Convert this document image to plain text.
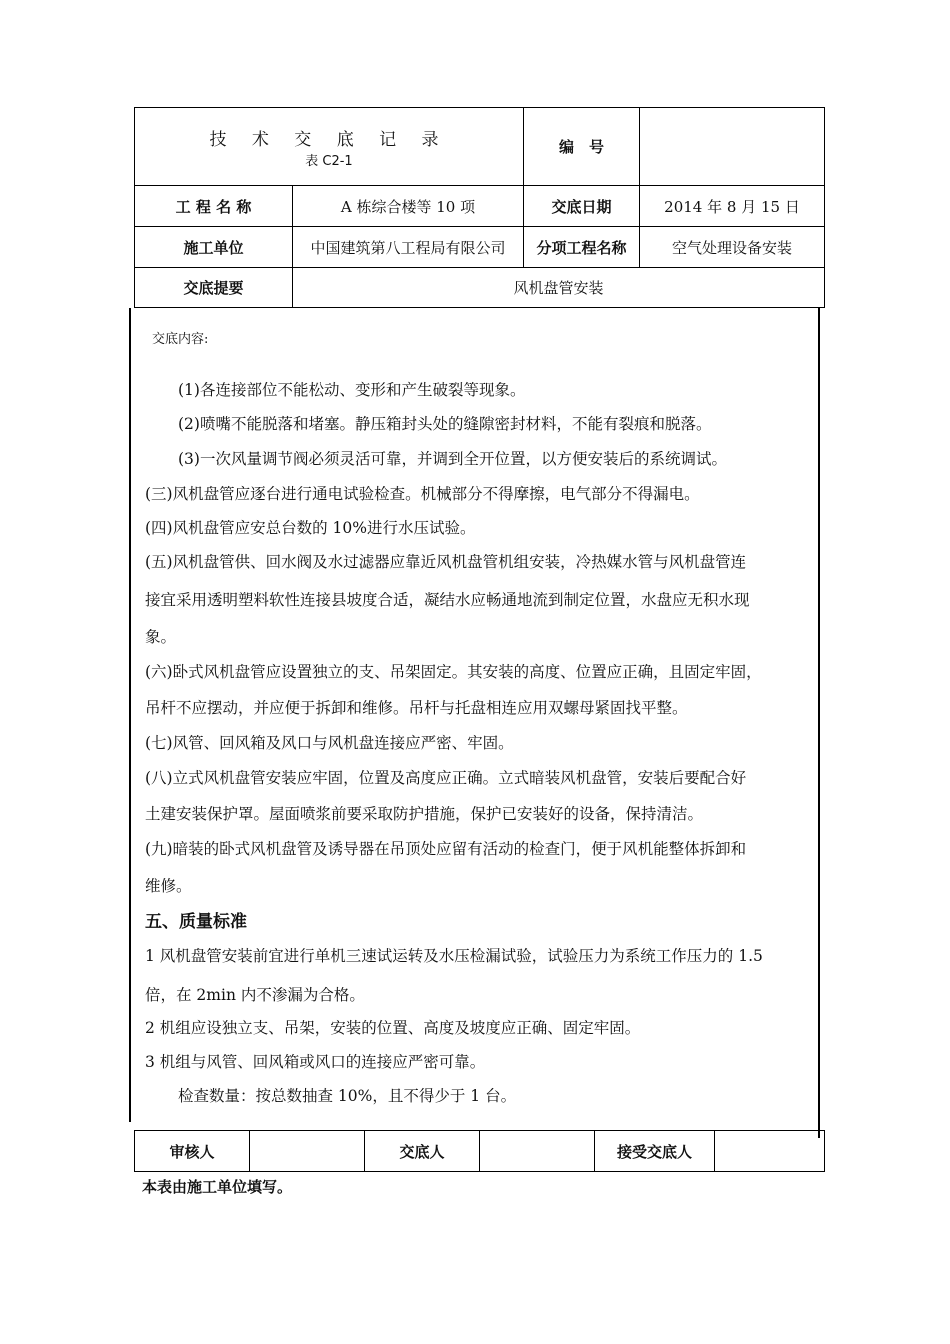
技 术 交 底 记 录
表 C2-1		编　号	
工 程 名 称	A 栋综合楼等 10 项	交底日期	2014 年 8 月 15 日
施工单位	中国建筑第八工程局有限公司	分项工程名称	空气处理设备安装
交底提要	风机盘管安装		
交底内容:
(1)各连接部位不能松动、变形和产生破裂等现象。
(2)喷嘴不能脱落和堵塞。静压箱封头处的缝隙密封材料，不能有裂痕和脱落。
(3)一次风量调节阀必须灵活可靠，并调到全开位置，以方便安装后的系统调试。
(三)风机盘管应逐台进行通电试验检查。机械部分不得摩擦，电气部分不得漏电。
(四)风机盘管应安总台数的 10%进行水压试验。
(五)风机盘管供、回水阀及水过滤器应靠近风机盘管机组安装，冷热媒水管与风机盘管连
接宜采用透明塑料软性连接县坡度合适，凝结水应畅通地流到制定位置，水盘应无积水现
象。
(六)卧式风机盘管应设置独立的支、吊架固定。其安装的高度、位置应正确，且固定牢固，
吊杆不应摆动，并应便于拆卸和维修。吊杆与托盘相连应用双螺母紧固找平整。
(七)风管、回风箱及风口与风机盘连接应严密、牢固。
(八)立式风机盘管安装应牢固，位置及高度应正确。立式暗装风机盘管，安装后要配合好
土建安装保护罩。屋面喷浆前要采取防护措施，保护已安装好的设备，保持清洁。
(九)暗装的卧式风机盘管及诱导器在吊顶处应留有活动的检查门，便于风机能整体拆卸和
维修。
五、质量标准
1 风机盘管安装前宜进行单机三速试运转及水压检漏试验，试验压力为系统工作压力的 1.5
倍，在 2min 内不渗漏为合格。
2 机组应设独立支、吊架，安装的位置、高度及坡度应正确、固定牢固。
3 机组与风管、回风箱或风口的连接应严密可靠。
检查数量：按总数抽查 10%，且不得少于 1 台。
审核人		交底人		接受交底人	
本表由施工单位填写。
